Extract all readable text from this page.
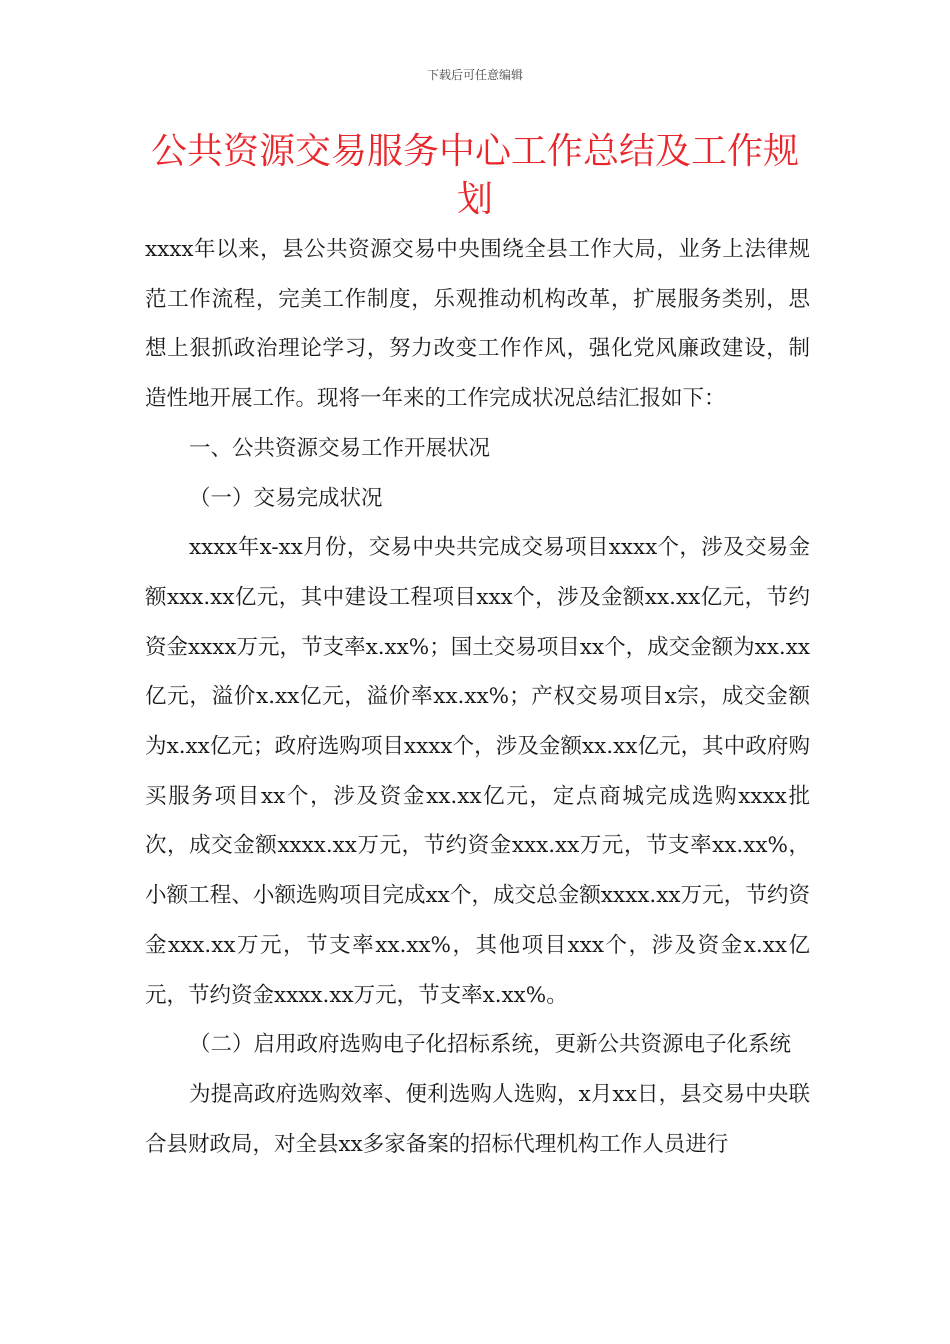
下载后可任意编辑
公共资源交易服务中心工作总结及工作规划

xxxx年以来，县公共资源交易中央围绕全县工作大局，业务上法律规范工作流程，完美工作制度，乐观推动机构改革，扩展服务类别，思想上狠抓政治理论学习，努力改变工作作风，强化党风廉政建设，制造性地开展工作。现将一年来的工作完成状况总结汇报如下：

一、公共资源交易工作开展状况

（一）交易完成状况

xxxx年x-xx月份，交易中央共完成交易项目xxxx个，涉及交易金额xxx.xx亿元，其中建设工程项目xxx个，涉及金额xx.xx亿元，节约资金xxxx万元，节支率x.xx%；国土交易项目xx个，成交金额为xx.xx亿元，溢价x.xx亿元，溢价率xx.xx%；产权交易项目x宗，成交金额为x.xx亿元；政府选购项目xxxx个，涉及金额xx.xx亿元，其中政府购买服务项目xx个，涉及资金xx.xx亿元，定点商城完成选购xxxx批次，成交金额xxxx.xx万元，节约资金xxx.xx万元，节支率xx.xx%，小额工程、小额选购项目完成xx个，成交总金额xxxx.xx万元，节约资金xxx.xx万元，节支率xx.xx%，其他项目xxx个，涉及资金x.xx亿元，节约资金xxxx.xx万元，节支率x.xx%。

（二）启用政府选购电子化招标系统，更新公共资源电子化系统

为提高政府选购效率、便利选购人选购，x月xx日，县交易中央联合县财政局，对全县xx多家备案的招标代理机构工作人员进行
